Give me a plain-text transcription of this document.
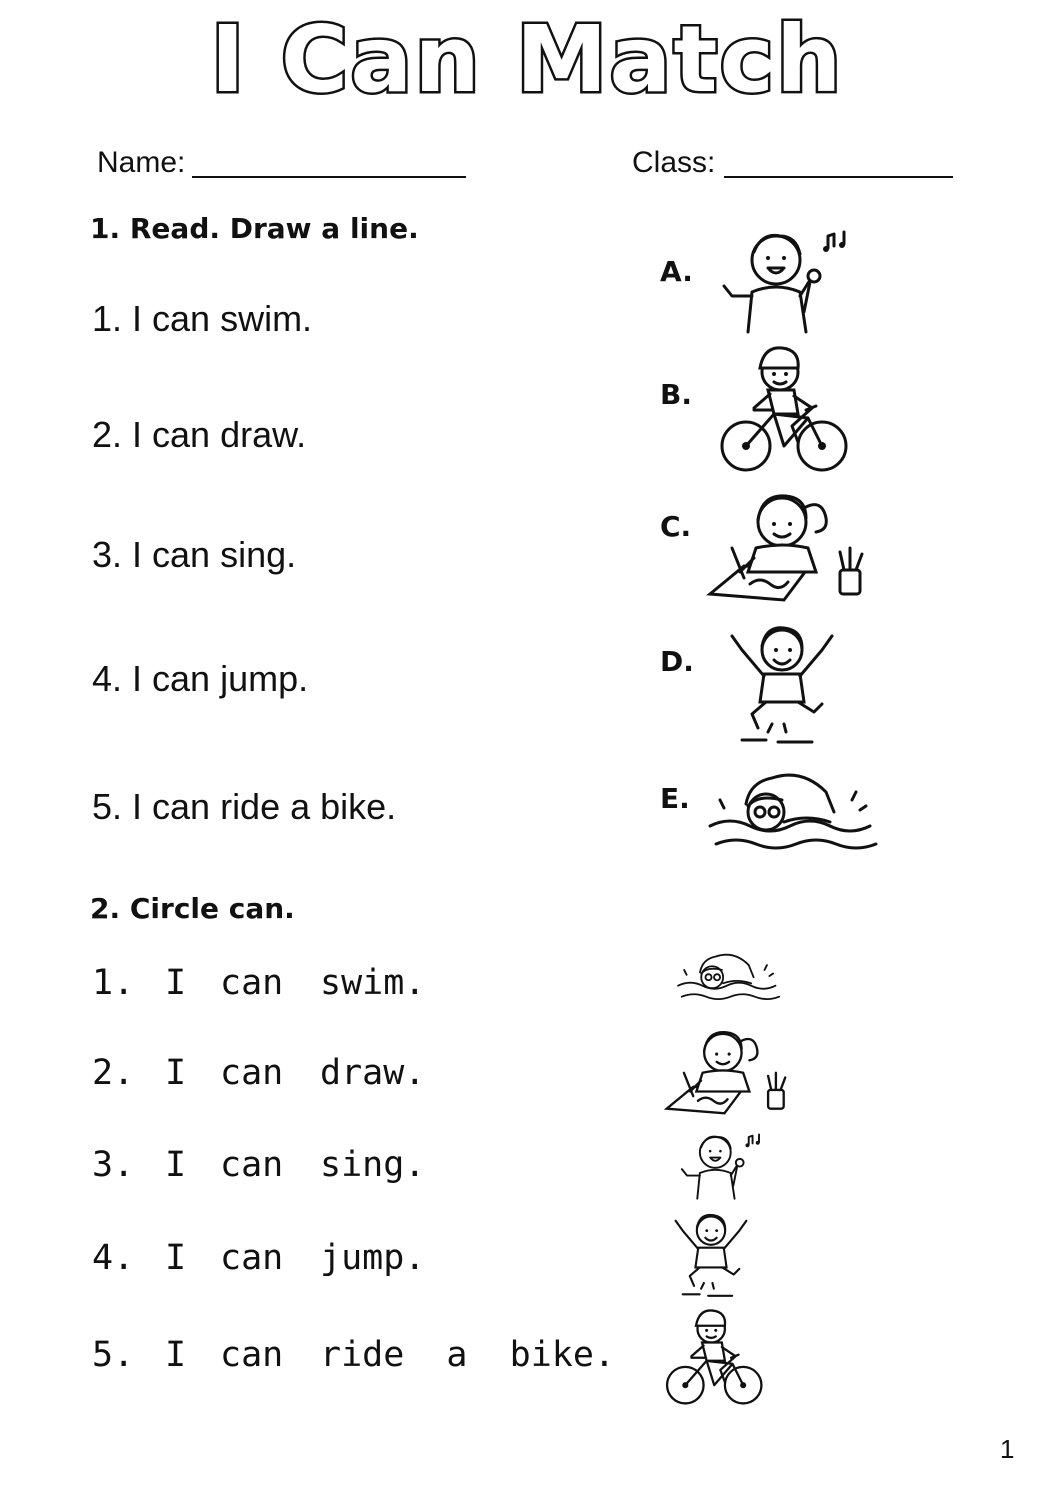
I Can Match
Name:	Class:
1. Read. Draw a line.
1. I can swim.
2. I can draw.
3. I can sing.
4. I can jump.
5. I can ride a bike.
A.
B.
C.
D.
E.
2. Circle can.
1. I can swim.
2. I can draw.
3. I can sing.
4. I can jump.
5. I can ride  a  bike.
1
